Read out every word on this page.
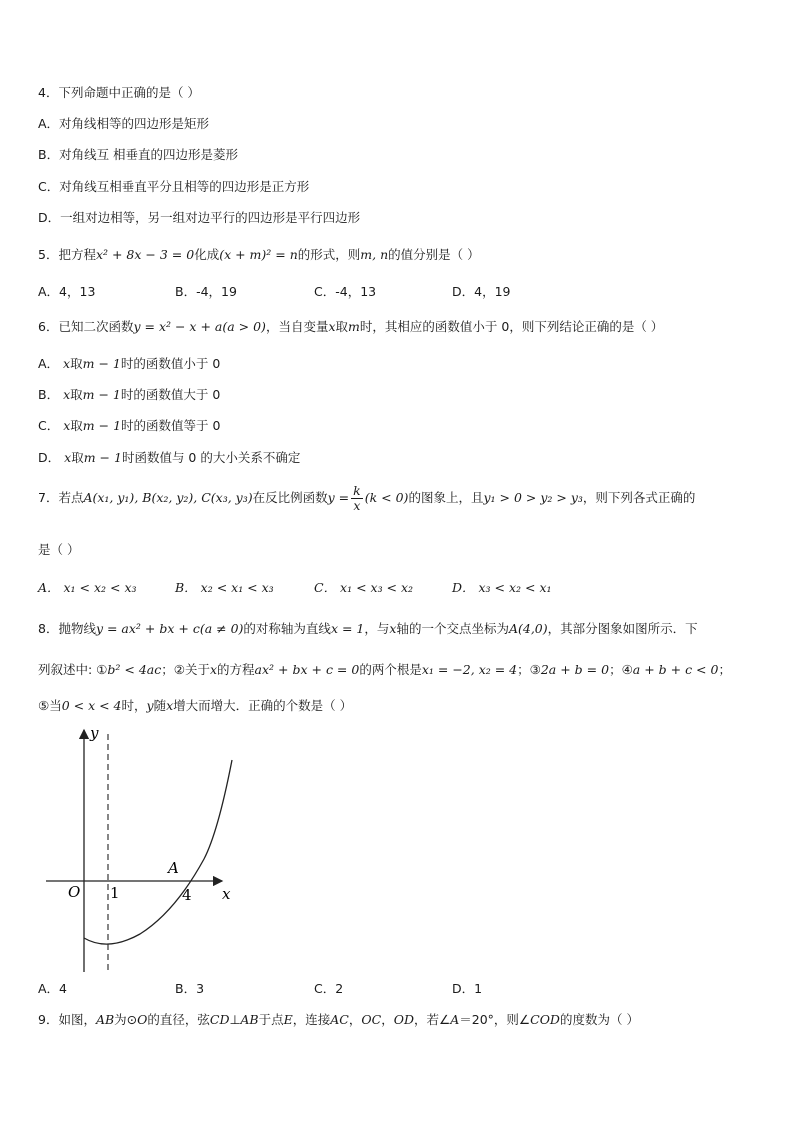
4．下列命题中正确的是（ ）
A．对角线相等的四边形是矩形
B．对角线互 相垂直的四边形是菱形
C．对角线互相垂直平分且相等的四边形是正方形
D．一组对边相等，另一组对边平行的四边形是平行四边形
5．把方程x² + 8x − 3 = 0化成(x + m)² = n的形式，则m, n的值分别是（ ）
A．4，13	B．-4，19	C．-4，13	D．4，19
6．已知二次函数y = x² − x + a(a > 0)，当自变量x取m时，其相应的函数值小于 0，则下列结论正确的是（ ）
A． x取m − 1时的函数值小于 0
B． x取m − 1时的函数值大于 0
C． x取m − 1时的函数值等于 0
D． x取m − 1时函数值与 0 的大小关系不确定
7．若点A(x₁, y₁), B(x₂, y₂), C(x₃, y₃)在反比例函数$y = \frac{k}{x} (k < 0)$的图象上，且y₁ > 0 > y₂ > y₃，则下列各式正确的
是（ ）
A． x₁ < x₂ < x₃	B． x₂ < x₁ < x₃	C． x₁ < x₃ < x₂	D． x₃ < x₂ < x₁
8．抛物线y = ax² + bx + c(a ≠ 0)的对称轴为直线x = 1，与x轴的一个交点坐标为A(4,0)，其部分图象如图所示．下
列叙述中: ①b² < 4ac；②关于x的方程ax² + bx + c = 0的两个根是x₁ = −2, x₂ = 4；③2a + b = 0；④a + b + c < 0；
⑤当0 < x < 4时，y随x增大而增大．正确的个数是（ ）
y
x
O 1	4
A
A．4	B．3	C．2	D．1
9．如图，AB为⊙O的直径，弦CD⊥AB于点E，连接AC，OC，OD，若∠A＝20°，则∠COD的度数为（ ）
